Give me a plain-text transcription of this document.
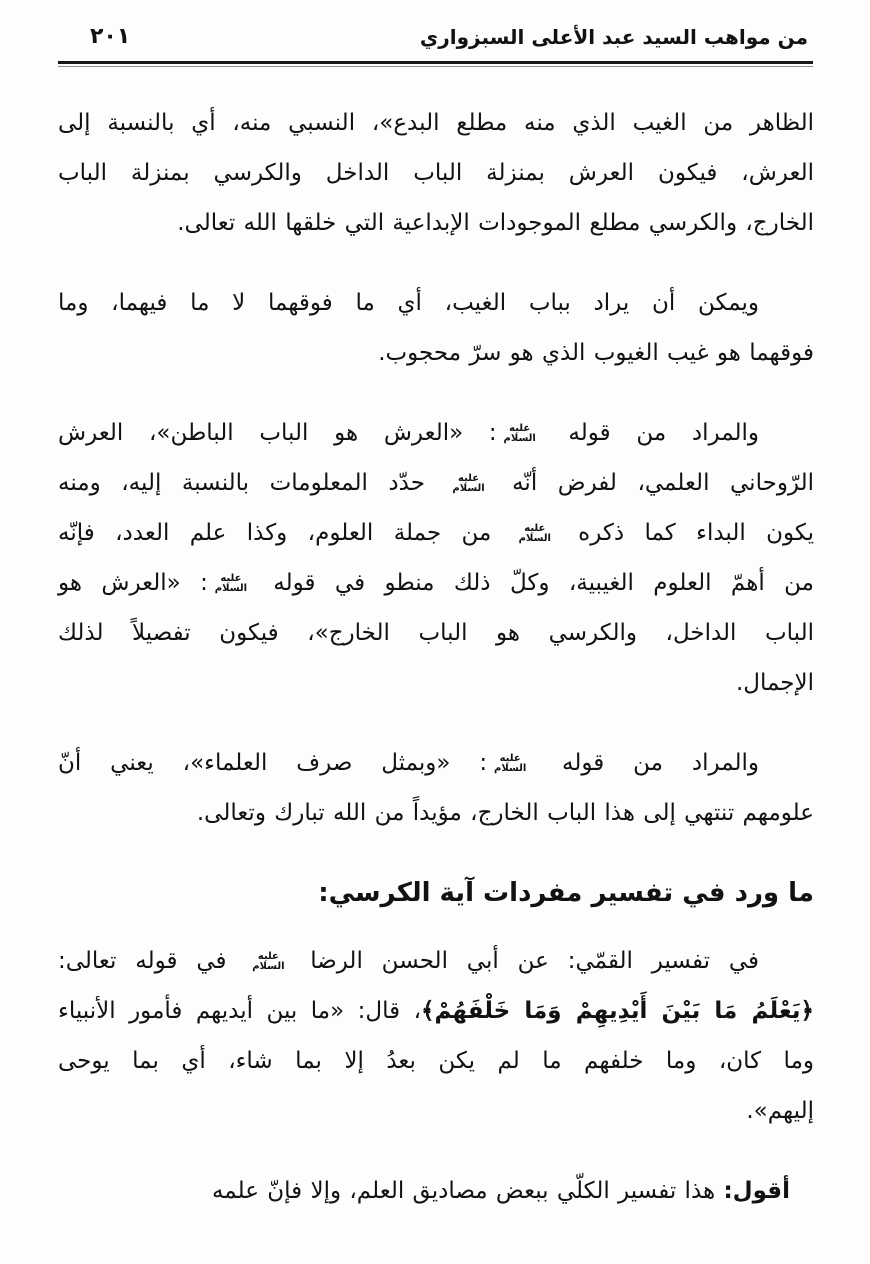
من مواهب السيد عبد الأعلى السبزواري
٢٠١
الظاهر من الغيب الذي منه مطلع البدع»، النسبي منه، أي بالنسبة إلى
العرش، فيكون العرش بمنزلة الباب الداخل والكرسي بمنزلة الباب
الخارج، والكرسي مطلع الموجودات الإبداعية التي خلقها الله تعالى.
ويمكن أن يراد بباب الغيب، أي ما فوقهما لا ما فيهما، وما
فوقهما هو غيب الغيوب الذي هو سرّ محجوب.
والمراد من قوله عليه السلام: «العرش هو الباب الباطن»، العرش
الرّوحاني العلمي، لفرض أنّه عليه السلام حدّد المعلومات بالنسبة إليه، ومنه
يكون البداء كما ذكره عليه السلام من جملة العلوم، وكذا علم العدد، فإنّه
من أهمّ العلوم الغيبية، وكلّ ذلك منطو في قوله عليه السلام: «العرش هو
الباب الداخل، والكرسي هو الباب الخارج»، فيكون تفصيلاً لذلك
الإجمال.
والمراد من قوله عليه السلام: «وبمثل صرف العلماء»، يعني أنّ
علومهم تنتهي إلى هذا الباب الخارج، مؤيداً من الله تبارك وتعالى.
ما ورد في تفسير مفردات آية الكرسي:
في تفسير القمّي: عن أبي الحسن الرضا عليه السلام في قوله تعالى:
﴿يَعْلَمُ مَا بَيْنَ أَيْدِيهِمْ وَمَا خَلْفَهُمْ﴾، قال: «ما بين أيديهم فأمور الأنبياء
وما كان، وما خلفهم ما لم يكن بعدُ إلا بما شاء، أي بما يوحى
إليهم».
أقول: هذا تفسير الكلّي ببعض مصاديق العلم، وإلا فإنّ علمه
